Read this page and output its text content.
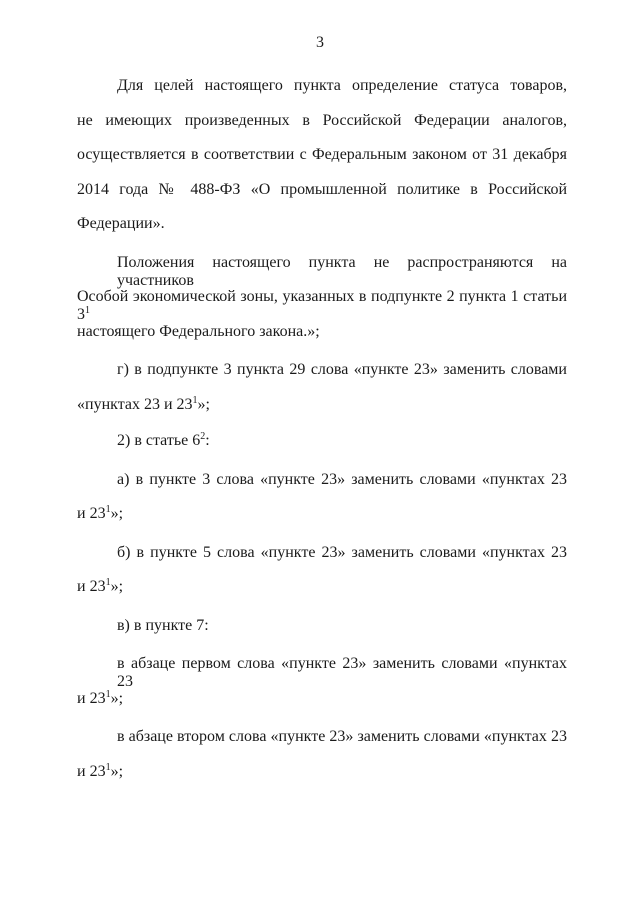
3
Для целей настоящего пункта определение статуса товаров,
не имеющих произведенных в Российской Федерации аналогов,
осуществляется в соответствии с Федеральным законом от 31 декабря
2014 года № 488-ФЗ «О промышленной политике в Российской
Федерации».
Положения настоящего пункта не распространяются на участников
Особой экономической зоны, указанных в подпункте 2 пункта 1 статьи $3^1$
настоящего Федерального закона.»;
г) в подпункте 3 пункта 29 слова «пункте 23» заменить словами
«пунктах 23 и $23^1$»;
2) в статье $6^2$:
а) в пункте 3 слова «пункте 23» заменить словами «пунктах 23
и $23^1$»;
б) в пункте 5 слова «пункте 23» заменить словами «пунктах 23
и $23^1$»;
в) в пункте 7:
в абзаце первом слова «пункте 23» заменить словами «пунктах 23
и $23^1$»;
в абзаце втором слова «пункте 23» заменить словами «пунктах 23
и $23^1$»;
